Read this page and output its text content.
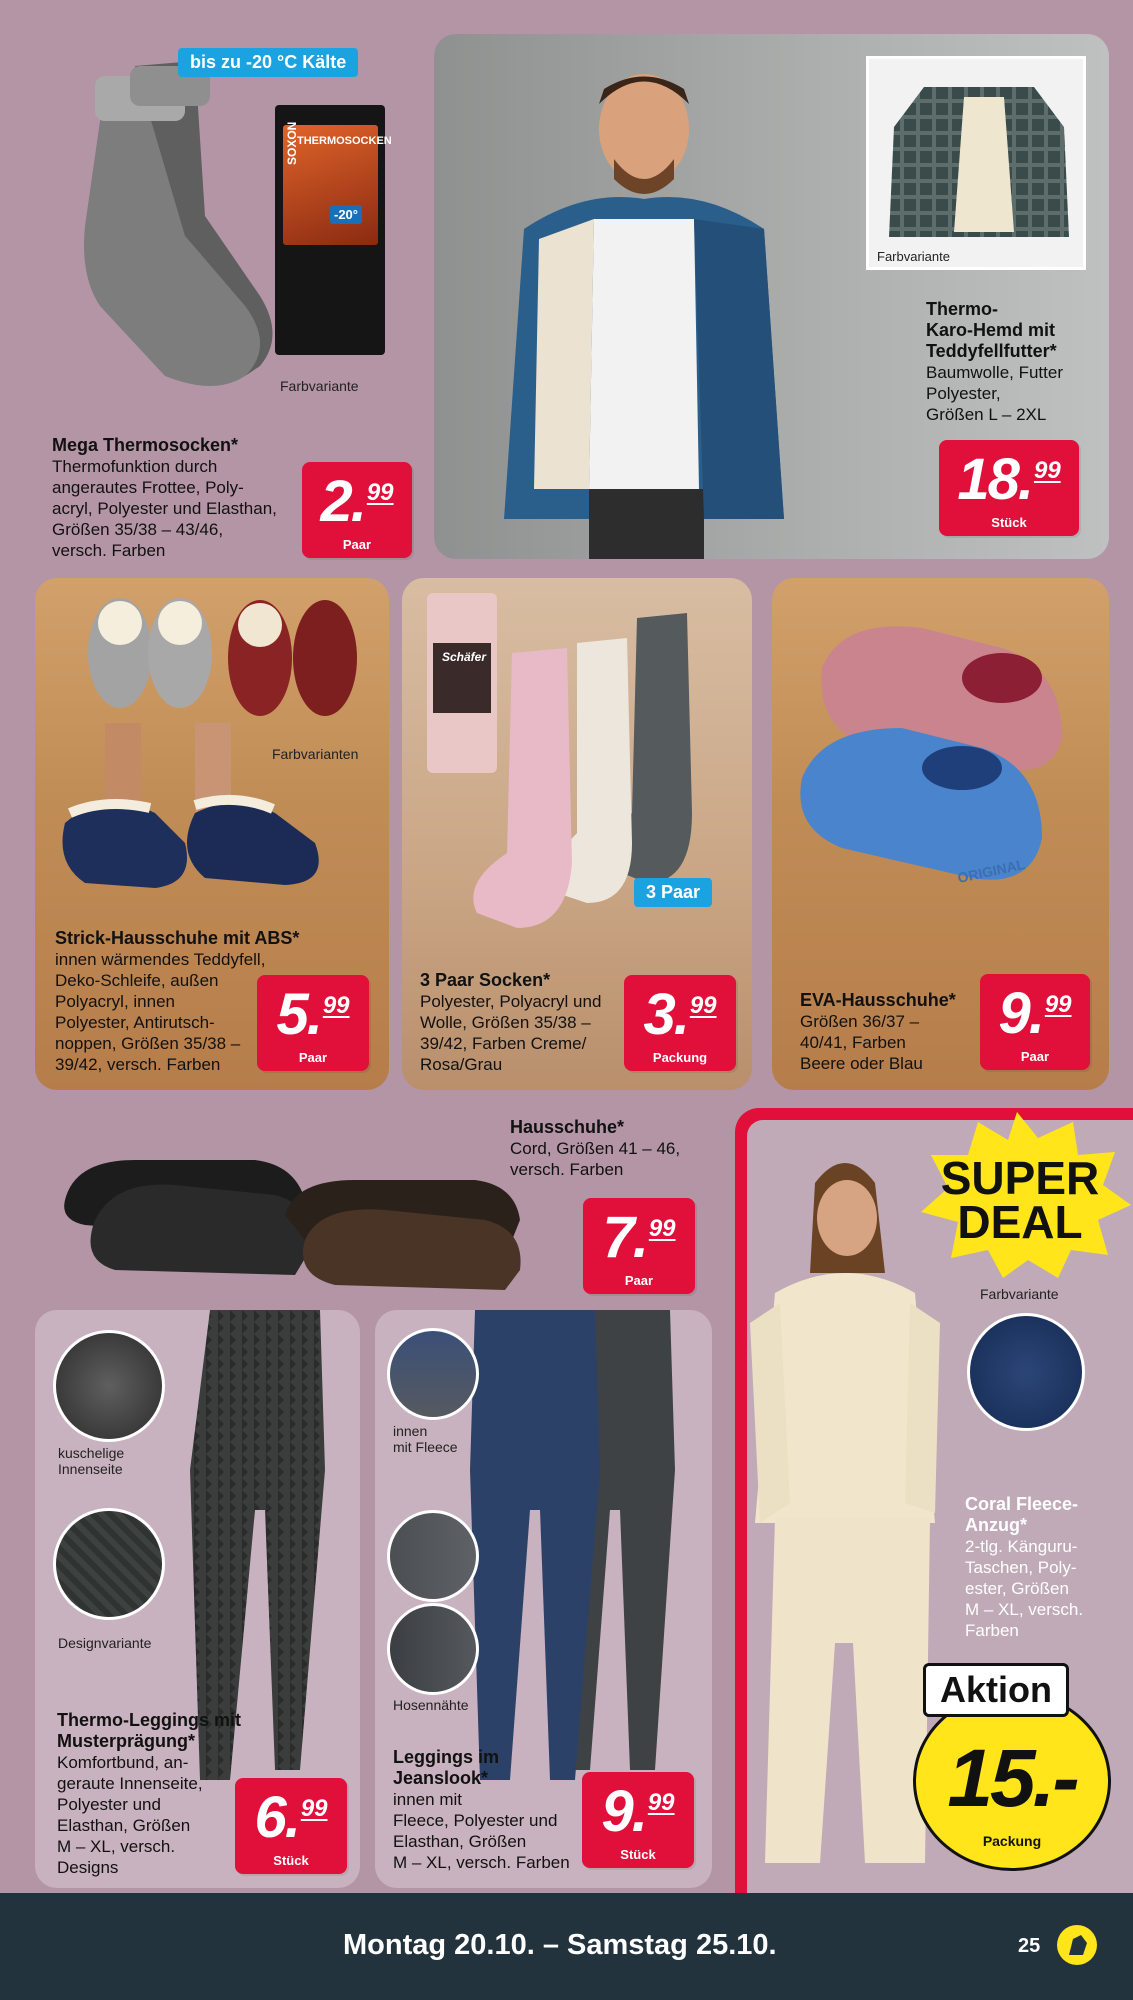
bis zu -20 °C Kälte
SOXON
THERMOSOCKEN
-20°
Farbvariante
Mega Thermosocken*
Thermofunktion durch
angerautes Frottee, Poly-
acryl, Polyester und Elasthan,
Größen 35/38 – 43/46,
versch. Farben
2.99
Paar
Farbvariante
Thermo-
Karo-Hemd mit
Teddyfellfutter*
Baumwolle, Futter
Polyester,
Größen L – 2XL
18.99
Stück
Farbvarianten
Strick-Hausschuhe mit ABS*
innen wärmendes Teddyfell,
Deko-Schleife, außen
Polyacryl, innen
Polyester, Antirutsch-
noppen, Größen 35/38 –
39/42, versch. Farben
5.99
Paar
Schäfer
3 Paar
3 Paar Socken*
Polyester, Polyacryl und
Wolle, Größen 35/38 –
39/42, Farben Creme/
Rosa/Grau
3.99
Packung
ORIGINAL
EVA-Hausschuhe*
Größen 36/37 –
40/41, Farben
Beere oder Blau
9.99
Paar
Hausschuhe*
Cord, Größen 41 – 46,
versch. Farben
7.99
Paar
kuschelige
Innenseite
Designvariante
Thermo-Leggings mit
Musterprägung*
Komfortbund, an-
geraute Innenseite,
Polyester und
Elasthan, Größen
M – XL, versch.
Designs
6.99
Stück
innen
mit Fleece
Hosennähte
Leggings im
Jeanslook*
innen mit
Fleece, Polyester und
Elasthan, Größen
M – XL, versch. Farben
9.99
Stück
SUPER
DEAL
Farbvariante
Coral Fleece-
Anzug*
2-tlg. Känguru-
Taschen, Poly-
ester, Größen
M – XL, versch.
Farben
Aktion
15.-
Packung
Montag 20.10. – Samstag 25.10.	25
